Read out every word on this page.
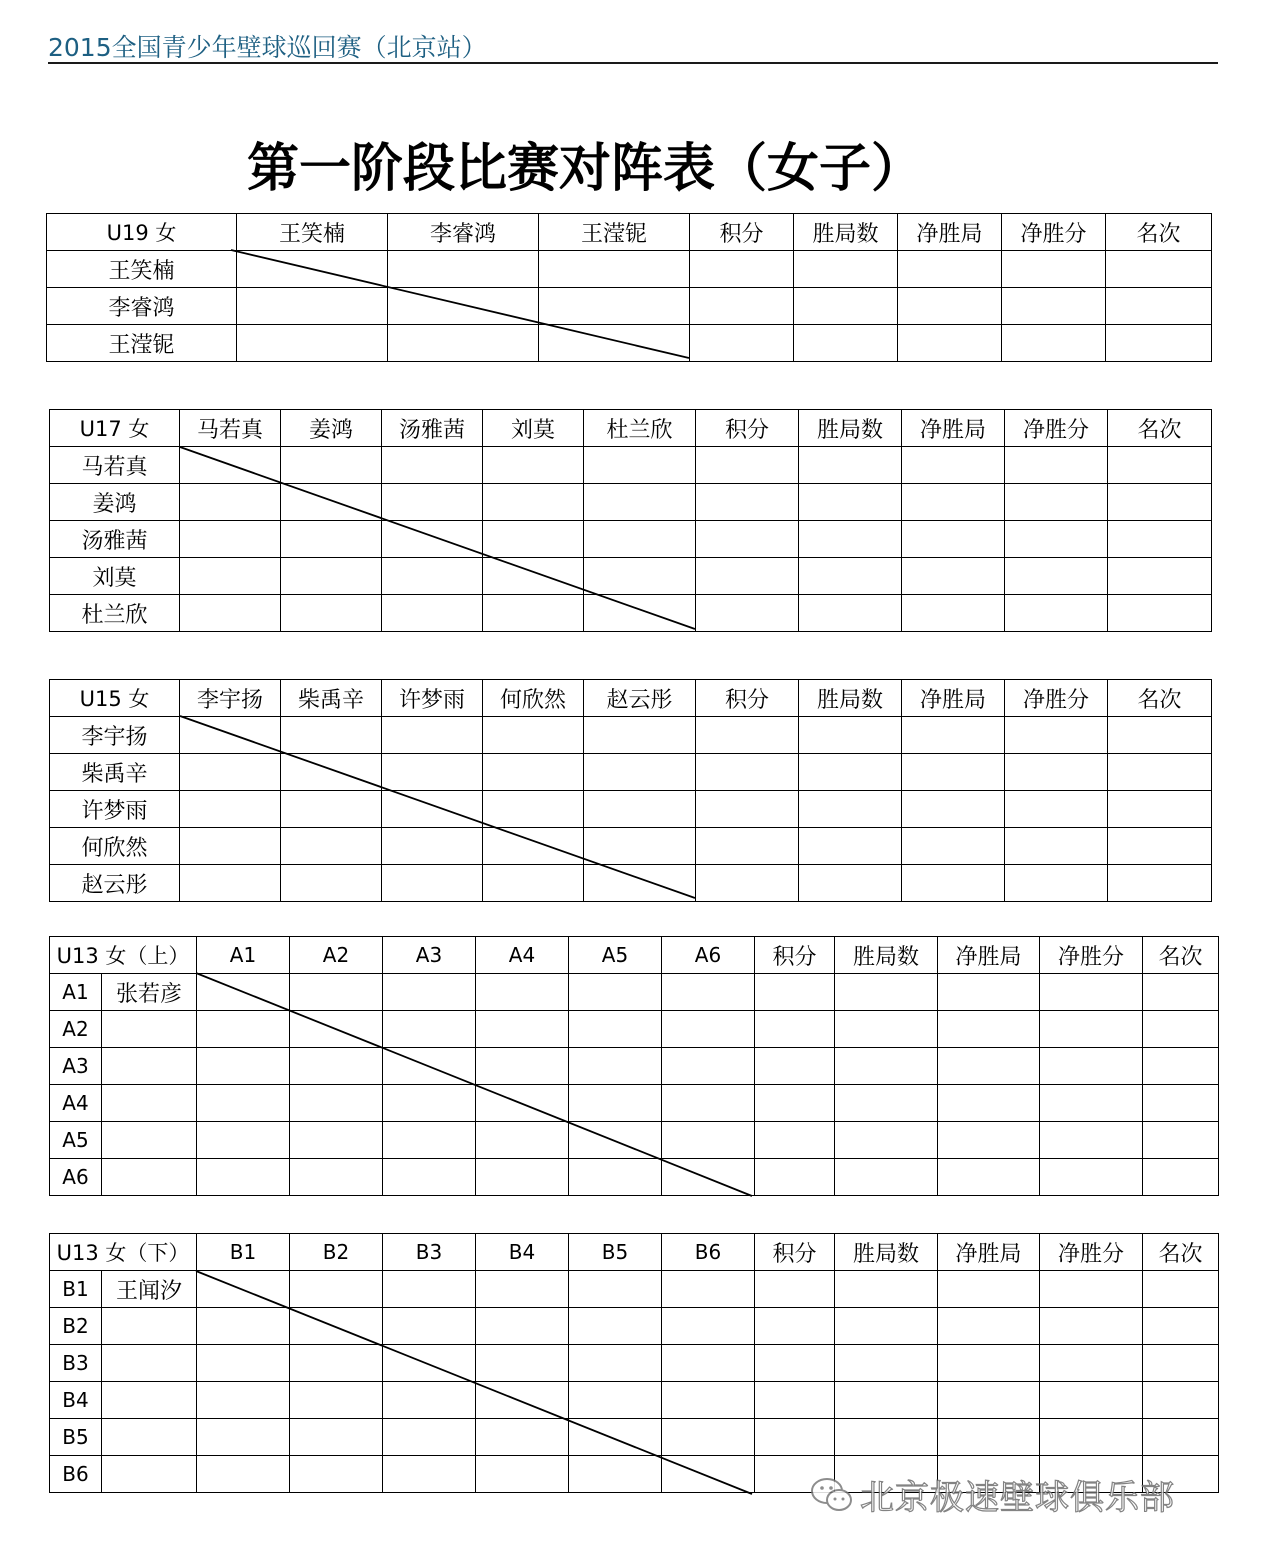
2015全国青少年壁球巡回赛（北京站）
第一阶段比赛对阵表（女子）
U19 女	王笑楠	李睿鸿	王滢铌	积分	胜局数	净胜局	净胜分	名次
王笑楠								
李睿鸿								
王滢铌								
U17 女	马若真	姜鸿	汤雅茜	刘莫	杜兰欣	积分	胜局数	净胜局	净胜分	名次
马若真										
姜鸿										
汤雅茜										
刘莫										
杜兰欣										
U15 女	李宇扬	柴禹辛	许梦雨	何欣然	赵云彤	积分	胜局数	净胜局	净胜分	名次
李宇扬										
柴禹辛										
许梦雨										
何欣然										
赵云彤										
U13 女（上）		A1	A2	A3	A4	A5	A6	积分	胜局数	净胜局	净胜分	名次
A1	张若彦											
A2												
A3												
A4												
A5												
A6												
U13 女（下）		B1	B2	B3	B4	B5	B6	积分	胜局数	净胜局	净胜分	名次
B1	王闻汐											
B2												
B3												
B4												
B5												
B6												
北京极速壁球俱乐部
